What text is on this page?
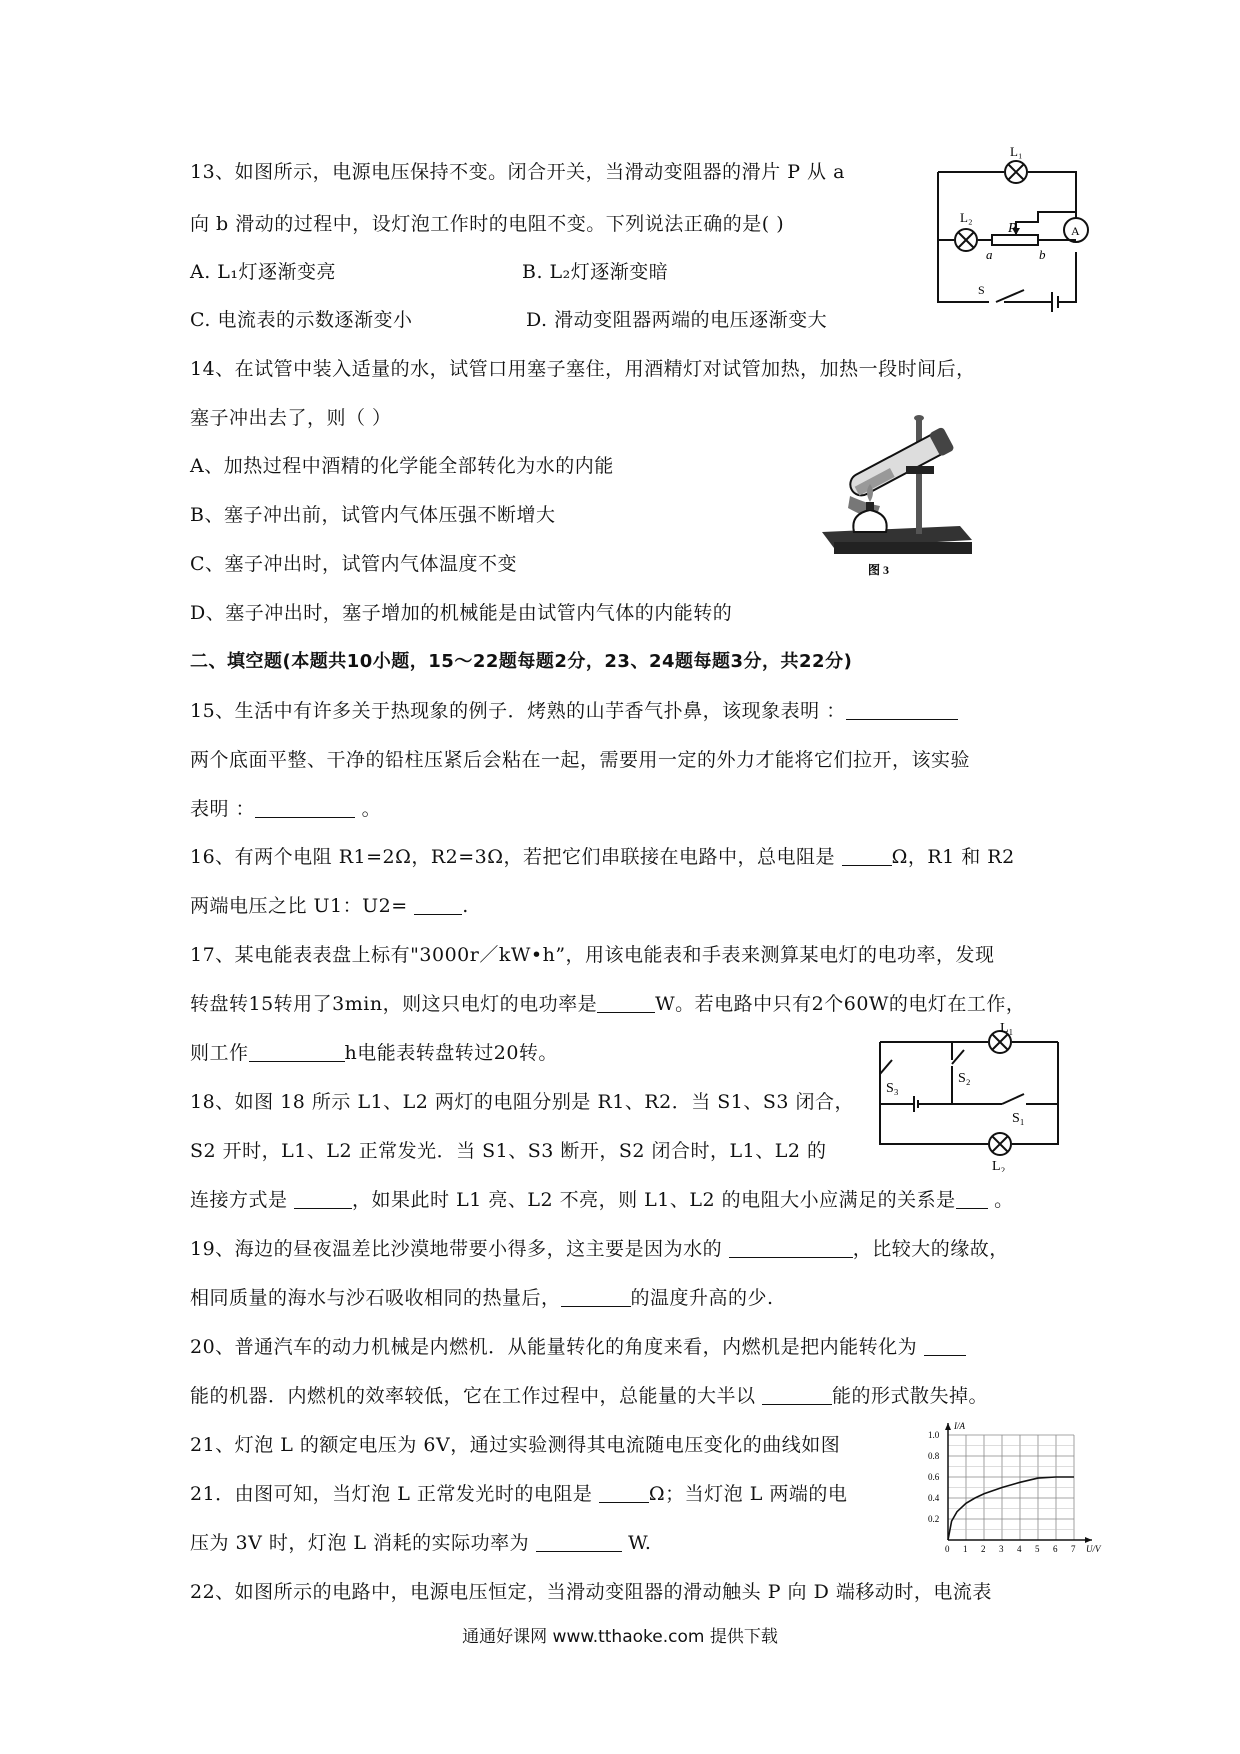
13、如图所示，电源电压保持不变。闭合开关，当滑动变阻器的滑片 P 从 a
向 b 滑动的过程中，设灯泡工作时的电阻不变。下列说法正确的是( )
A. L₁灯逐渐变亮	B. L₂灯逐渐变暗
C. 电流表的示数逐渐变小	D. 滑动变阻器两端的电压逐渐变大
L₁
L₂
P
a	b
A
S
14、在试管中装入适量的水，试管口用塞子塞住，用酒精灯对试管加热，加热一段时间后，
塞子冲出去了，则（ ）
A、加热过程中酒精的化学能全部转化为水的内能
B、塞子冲出前，试管内气体压强不断增大
C、塞子冲出时，试管内气体温度不变
D、塞子冲出时，塞子增加的机械能是由试管内气体的内能转的
图 3
二、填空题(本题共10小题，15～22题每题2分，23、24题每题3分，共22分)
15、生活中有许多关于热现象的例子．烤熟的山芋香气扑鼻，该现象表明 ：
两个底面平整、干净的铅柱压紧后会粘在一起，需要用一定的外力才能将它们拉开，该实验
表明 ：	。
16、有两个电阻 R1=2Ω，R2=3Ω，若把它们串联接在电路中，总电阻是	Ω，R1 和 R2
两端电压之比 U1：U2=	.
17、某电能表表盘上标有"3000r／kW•h”，用该电能表和手表来测算某电灯的电功率，发现
转盘转15转用了3min，则这只电灯的电功率是	W。若电路中只有2个60W的电灯在工作，
则工作	h电能表转盘转过20转。
L₁
L₂
S₃
S₂
S₁
18、如图 18 所示 L1、L2 两灯的电阻分别是 R1、R2．当 S1、S3 闭合，
S2 开时，L1、L2 正常发光．当 S1、S3 断开，S2 闭合时，L1、L2 的
连接方式是	，如果此时 L1 亮、L2 不亮，则 L1、L2 的电阻大小应满足的关系是 。
19、海边的昼夜温差比沙漠地带要小得多，这主要是因为水的	，比较大的缘故，
相同质量的海水与沙石吸收相同的热量后，	的温度升高的少.
20、普通汽车的动力机械是内燃机．从能量转化的角度来看，内燃机是把内能转化为
能的机器．内燃机的效率较低，它在工作过程中，总能量的大半以	能的形式散失掉。
21、灯泡 L 的额定电压为 6V，通过实验测得其电流随电压变化的曲线如图
21．由图可知，当灯泡 L 正常发光时的电阻是	Ω；当灯泡 L 两端的电
压为 3V 时，灯泡 L 消耗的实际功率为	W.	0 1 2 3 4 5 6 7
0.2
0.4
0.6
0.8
1.0
I/A
U/V
22、如图所示的电路中，电源电压恒定，当滑动变阻器的滑动触头 P 向 D 端移动时，电流表
通通好课网 www.tthaoke.com 提供下载
